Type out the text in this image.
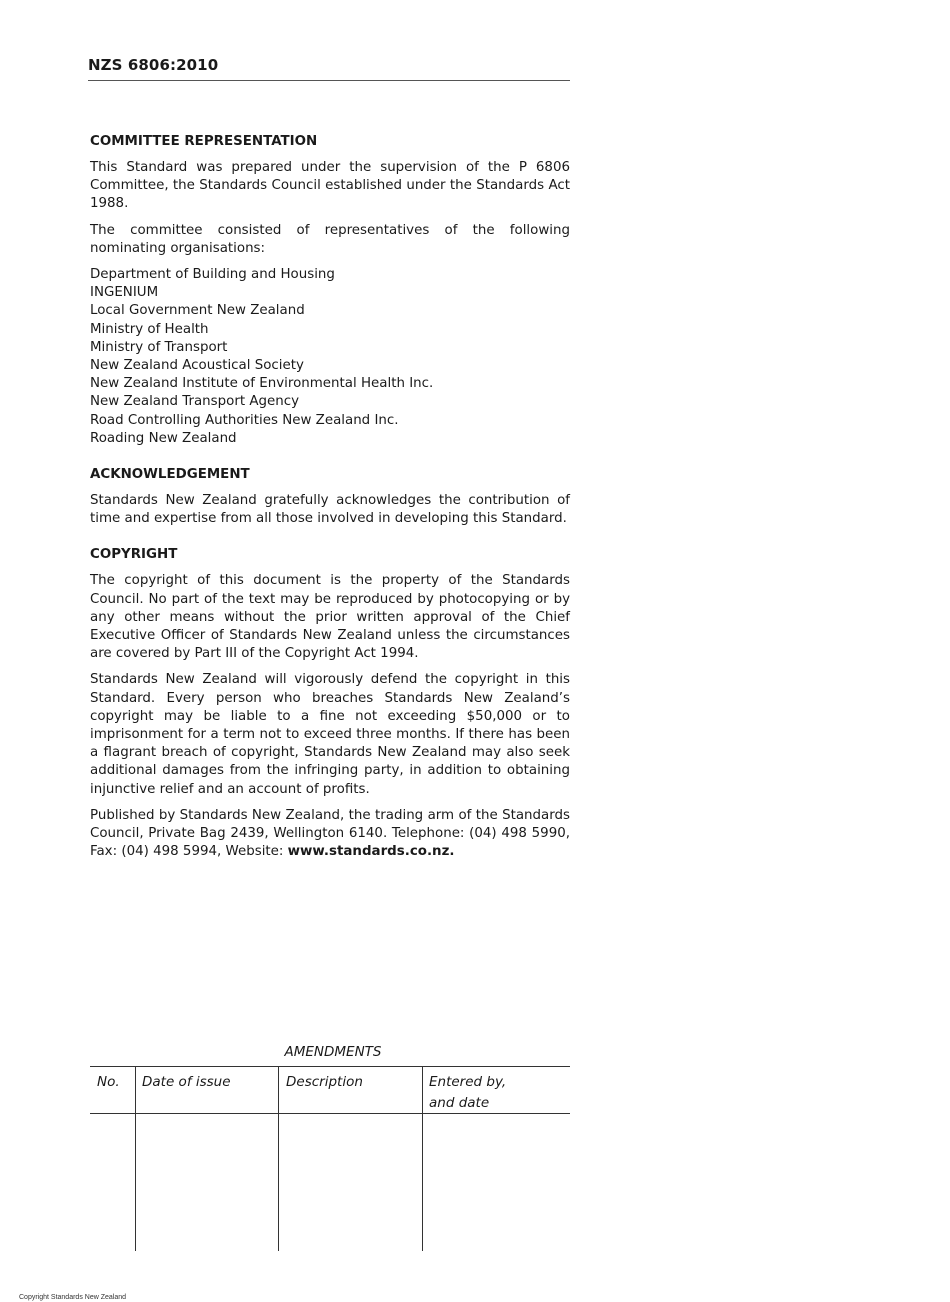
NZS 6806:2010
COMMITTEE REPRESENTATION

This Standard was prepared under the supervision of the P 6806 Committee, the Standards Council established under the Standards Act 1988.

The committee consisted of representatives of the following nominating organisations:

Department of Building and Housing
INGENIUM
Local Government New Zealand
Ministry of Health
Ministry of Transport
New Zealand Acoustical Society
New Zealand Institute of Environmental Health Inc.
New Zealand Transport Agency
Road Controlling Authorities New Zealand Inc.
Roading New Zealand
ACKNOWLEDGEMENT

Standards New Zealand gratefully acknowledges the contribution of time and expertise from all those involved in developing this Standard.

COPYRIGHT

The copyright of this document is the property of the Standards Council. No part of the text may be reproduced by photocopying or by any other means without the prior written approval of the Chief Executive Officer of Standards New Zealand unless the circumstances are covered by Part III of the Copyright Act 1994.

Standards New Zealand will vigorously defend the copyright in this Standard. Every person who breaches Standards New Zealand’s copyright may be liable to a fine not exceeding $50,000 or to imprisonment for a term not to exceed three months. If there has been a flagrant breach of copyright, Standards New Zealand may also seek additional damages from the infringing party, in addition to obtaining injunctive relief and an account of profits.

Published by Standards New Zealand, the trading arm of the Standards Council, Private Bag 2439, Wellington 6140. Telephone: (04) 498 5990, Fax: (04) 498 5994, Website: www.standards.co.nz.

AMENDMENTS
No. Date of issue	Description	Entered by,
and date
Copyright Standards New Zealand
